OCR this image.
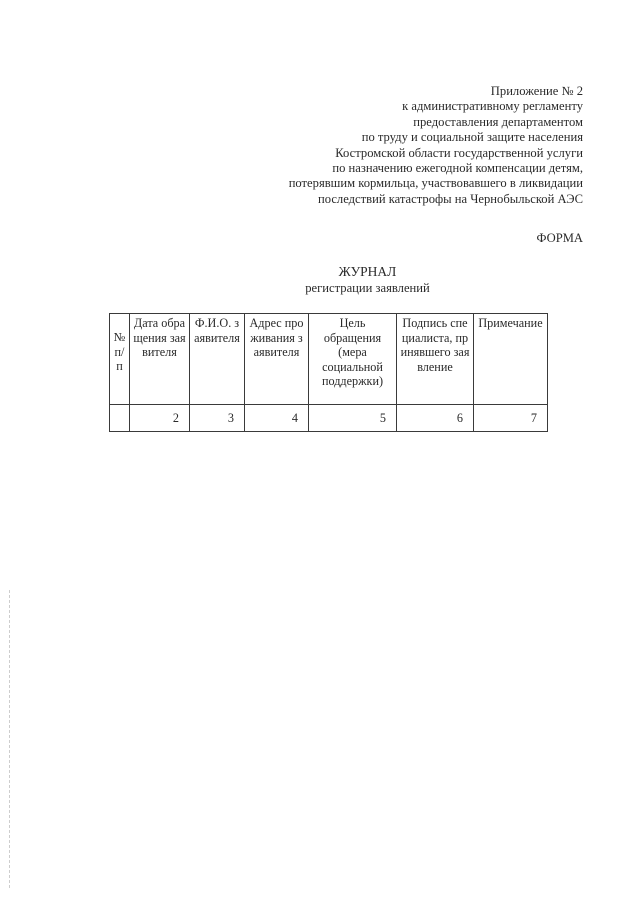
Приложение № 2
к административному регламенту
предоставления департаментом
по труду и социальной защите населения
Костромской области государственной услуги
по назначению ежегодной компенсации детям,
потерявшим кормильца, участвовавшего в ликвидации
последствий катастрофы на Чернобыльской АЭС
ФОРМА
ЖУРНАЛ
регистрации заявлений
№ п/п	Дата обращения заявителя	Ф.И.О. заявителя	Адрес проживания заявителя	Цель обращения (мера социальной поддержки)	Подпись специалиста, принявшего заявление	Примечание

	2	3	4	5	6	7
